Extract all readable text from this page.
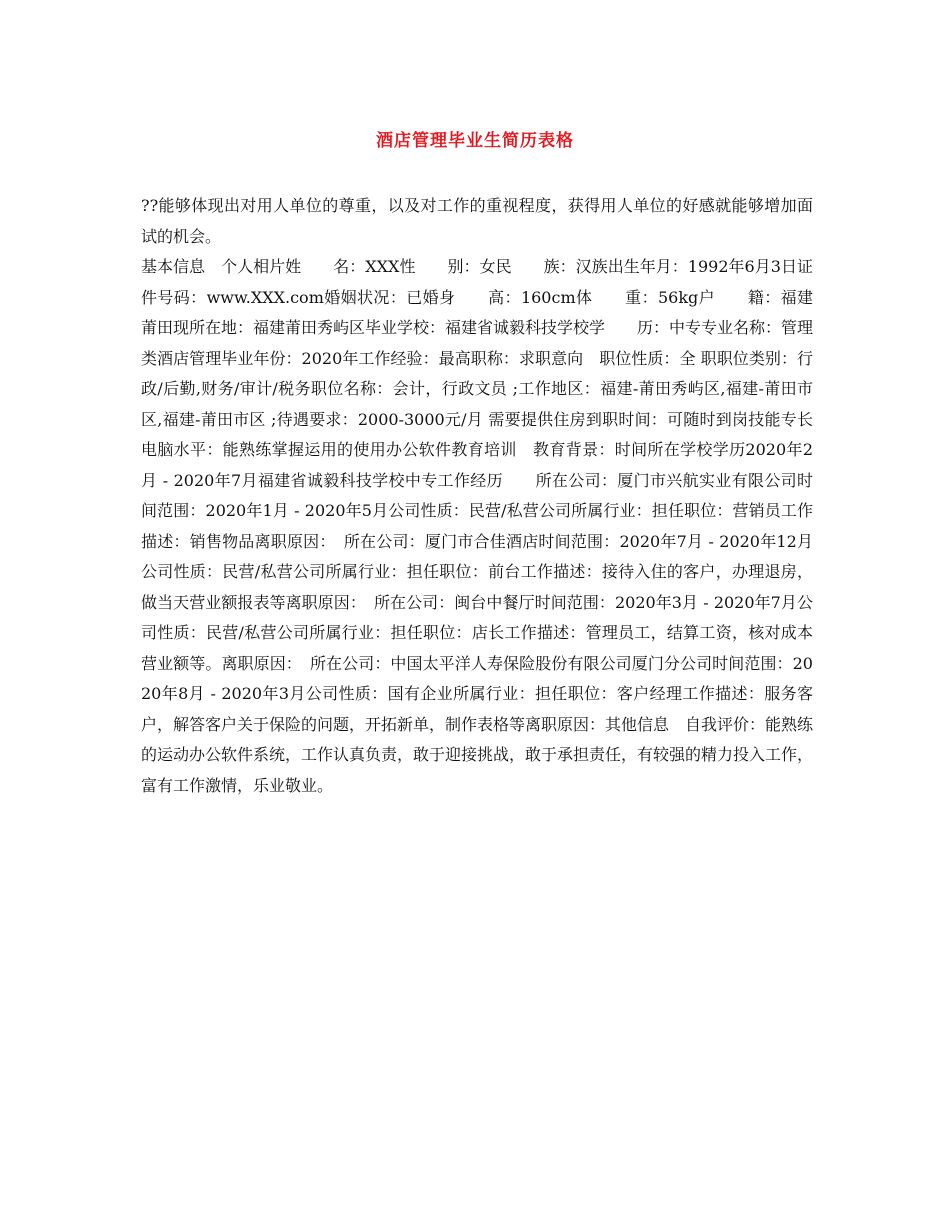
酒店管理毕业生简历表格

??能够体现出对用人单位的尊重，以及对工作的重视程度，获得用人单位的好感就能够增加面试的机会。

基本信息　个人相片姓　　名：XXX性　　别：女民　　族：汉族出生年月：1992年6月3日证件号码：www.XXX.com婚姻状况：已婚身　　高：160cm体　　重：56kg户　　籍：福建莆田现所在地：福建莆田秀屿区毕业学校：福建省诚毅科技学校学　　历：中专专业名称：管理类酒店管理毕业年份：2020年工作经验：最高职称：求职意向　职位性质：全 职职位类别：行政/后勤,财务/审计/税务职位名称：会计，行政文员 ;工作地区：福建-莆田秀屿区,福建-莆田市区,福建-莆田市区 ;待遇要求：2000-3000元/月 需要提供住房到职时间：可随时到岗技能专长 电脑水平：能熟练掌握运用的使用办公软件教育培训　教育背景：时间所在学校学历2020年2月 - 2020年7月福建省诚毅科技学校中专工作经历　　所在公司：厦门市兴航实业有限公司时间范围：2020年1月 - 2020年5月公司性质：民营/私营公司所属行业：担任职位：营销员工作描述：销售物品离职原因：　所在公司：厦门市合佳酒店时间范围：2020年7月 - 2020年12月公司性质：民营/私营公司所属行业：担任职位：前台工作描述：接待入住的客户，办理退房，做当天营业额报表等离职原因：　所在公司：闽台中餐厅时间范围：2020年3月 - 2020年7月公司性质：民营/私营公司所属行业：担任职位：店长工作描述：管理员工，结算工资，核对成本营业额等。离职原因：　所在公司：中国太平洋人寿保险股份有限公司厦门分公司时间范围：2020年8月 - 2020年3月公司性质：国有企业所属行业：担任职位：客户经理工作描述：服务客户，解答客户关于保险的问题，开拓新单，制作表格等离职原因：其他信息　自我评价：能熟练的运动办公软件系统，工作认真负责，敢于迎接挑战，敢于承担责任，有较强的精力投入工作，富有工作激情，乐业敬业。
